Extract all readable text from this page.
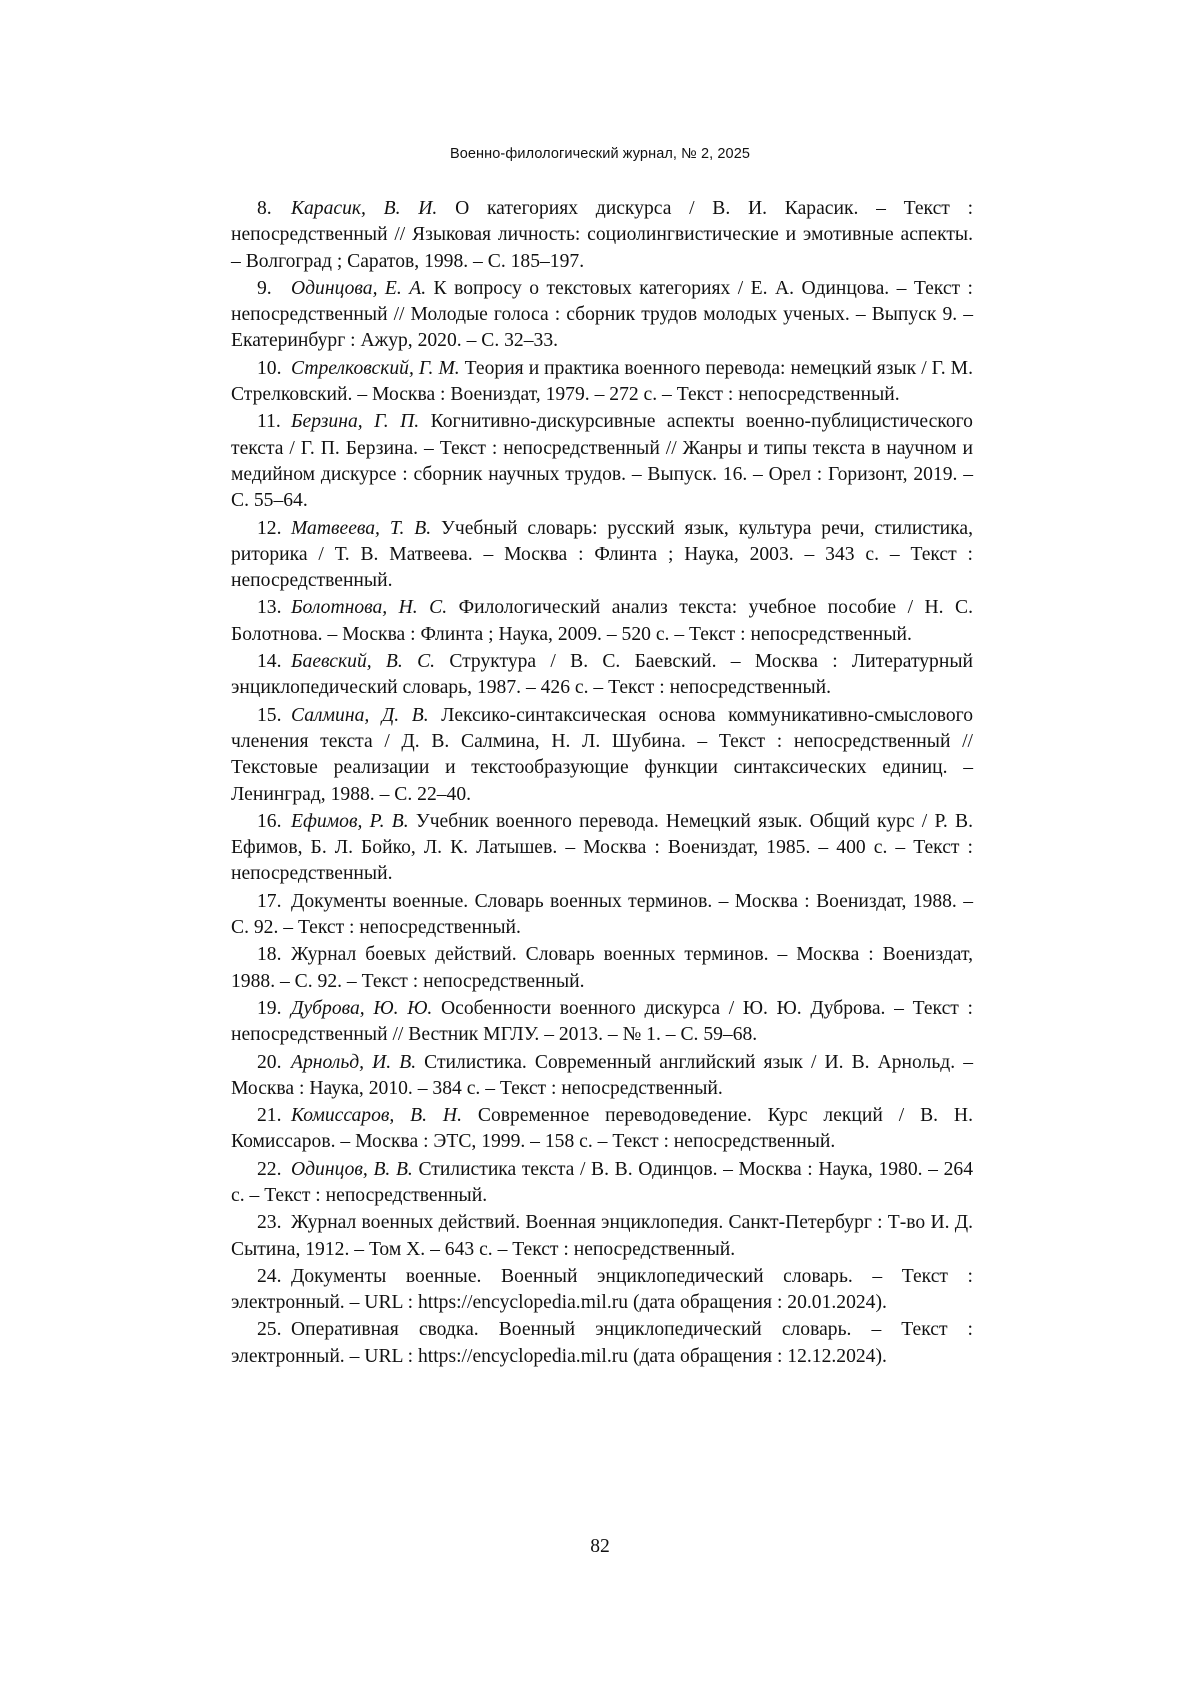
Военно-филологический журнал, № 2, 2025

8. Карасик, В. И. О категориях дискурса / В. И. Карасик. – Текст : непосредственный // Языковая личность: социолингвистические и эмотивные аспекты. – Волгоград ; Саратов, 1998. – С. 185–197.

9. Одинцова, Е. А. К вопросу о текстовых категориях / Е. А. Одинцова. – Текст : непосредственный // Молодые голоса : сборник трудов молодых ученых. – Выпуск 9. – Екатеринбург : Ажур, 2020. – С. 32–33.

10. Стрелковский, Г. М. Теория и практика военного перевода: немецкий язык / Г. М. Стрелковский. – Москва : Воениздат, 1979. – 272 с. – Текст : непосредственный.

11. Берзина, Г. П. Когнитивно-дискурсивные аспекты военно-публицистического текста / Г. П. Берзина. – Текст : непосредственный // Жанры и типы текста в научном и медийном дискурсе : сборник научных трудов. – Выпуск. 16. – Орел : Горизонт, 2019. – С. 55–64.

12. Матвеева, Т. В. Учебный словарь: русский язык, культура речи, стилистика, риторика / Т. В. Матвеева. – Москва : Флинта ; Наука, 2003. – 343 с. – Текст : непосредственный.

13. Болотнова, Н. С. Филологический анализ текста: учебное пособие / Н. С. Болотнова. – Москва : Флинта ; Наука, 2009. – 520 с. – Текст : непосредственный.

14. Баевский, В. С. Структура / В. С. Баевский. – Москва : Литературный энциклопедический словарь, 1987. – 426 с. – Текст : непосредственный.

15. Салмина, Д. В. Лексико-синтаксическая основа коммуникативно-смыслового членения текста / Д. В. Салмина, Н. Л. Шубина. – Текст : непосредственный // Текстовые реализации и текстообразующие функции синтаксических единиц. – Ленинград, 1988. – С. 22–40.

16. Ефимов, Р. В. Учебник военного перевода. Немецкий язык. Общий курс / Р. В. Ефимов, Б. Л. Бойко, Л. К. Латышев. – Москва : Воениздат, 1985. – 400 с. – Текст : непосредственный.

17. Документы военные. Словарь военных терминов. – Москва : Воениздат, 1988. – С. 92. – Текст : непосредственный.

18. Журнал боевых действий. Словарь военных терминов. – Москва : Воениздат, 1988. – С. 92. – Текст : непосредственный.

19. Дуброва, Ю. Ю. Особенности военного дискурса / Ю. Ю. Дуброва. – Текст : непосредственный // Вестник МГЛУ. – 2013. – № 1. – С. 59–68.

20. Арнольд, И. В. Стилистика. Современный английский язык / И. В. Арнольд. – Москва : Наука, 2010. – 384 с. – Текст : непосредственный.

21. Комиссаров, В. Н. Современное переводоведение. Курс лекций / В. Н. Комиссаров. – Москва : ЭТС, 1999. – 158 с. – Текст : непосредственный.

22. Одинцов, В. В. Стилистика текста / В. В. Одинцов. – Москва : Наука, 1980. – 264 с. – Текст : непосредственный.

23. Журнал военных действий. Военная энциклопедия. Санкт-Петербург : Т-во И. Д. Сытина, 1912. – Том X. – 643 с. – Текст : непосредственный.

24. Документы военные. Военный энциклопедический словарь. – Текст : электронный. – URL : https://encyclopedia.mil.ru (дата обращения : 20.01.2024).

25. Оперативная сводка. Военный энциклопедический словарь. – Текст : электронный. – URL : https://encyclopedia.mil.ru (дата обращения : 12.12.2024).

82
